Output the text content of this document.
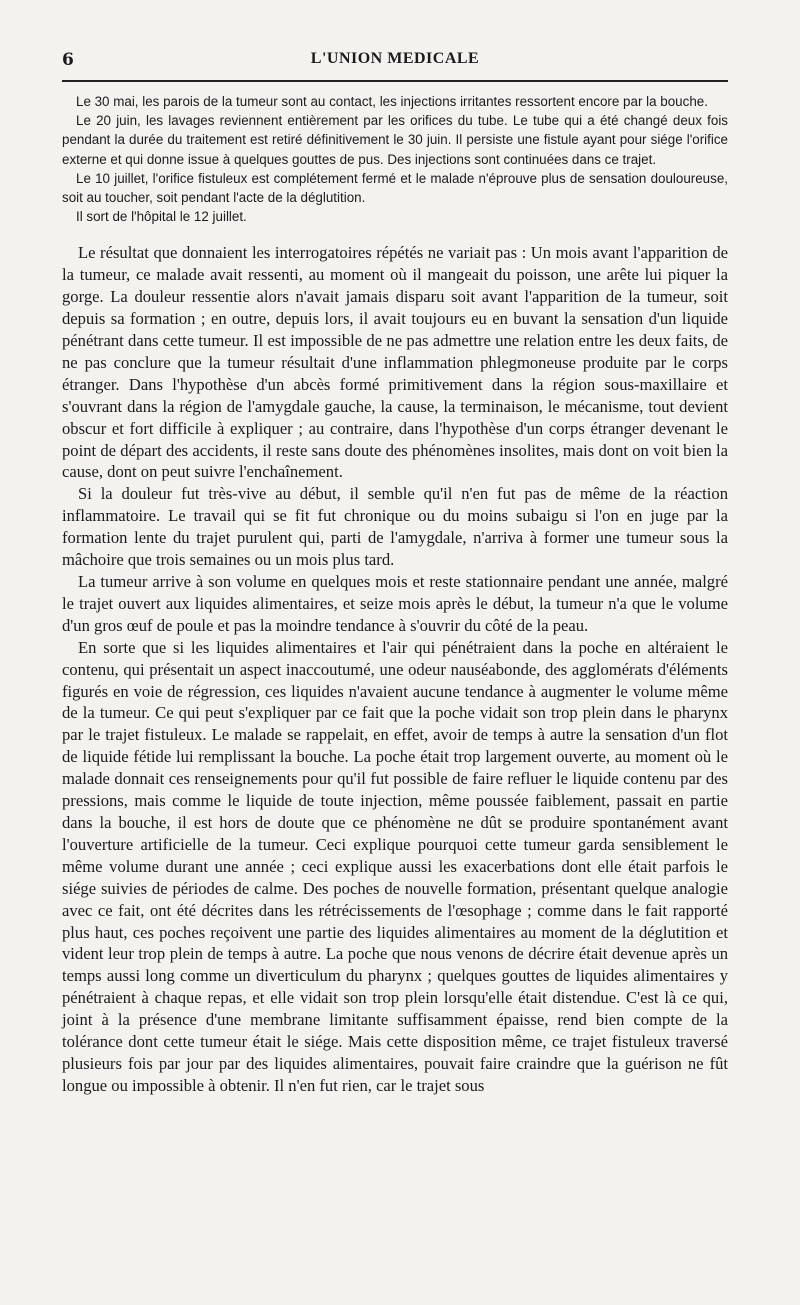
6	L'UNION MEDICALE

Le 30 mai, les parois de la tumeur sont au contact, les injections irritantes ressortent encore par la bouche.

Le 20 juin, les lavages reviennent entièrement par les orifices du tube. Le tube qui a été changé deux fois pendant la durée du traitement est retiré définitivement le 30 juin. Il persiste une fistule ayant pour siége l'orifice externe et qui donne issue à quelques gouttes de pus. Des injections sont continuées dans ce trajet.

Le 10 juillet, l'orifice fistuleux est complétement fermé et le malade n'éprouve plus de sensation douloureuse, soit au toucher, soit pendant l'acte de la déglutition.

Il sort de l'hôpital le 12 juillet.

Le résultat que donnaient les interrogatoires répétés ne variait pas : Un mois avant l'apparition de la tumeur, ce malade avait ressenti, au moment où il mangeait du poisson, une arête lui piquer la gorge. La douleur ressentie alors n'avait jamais disparu soit avant l'apparition de la tumeur, soit depuis sa formation ; en outre, depuis lors, il avait toujours eu en buvant la sensation d'un liquide pénétrant dans cette tumeur. Il est impossible de ne pas admettre une relation entre les deux faits, de ne pas conclure que la tumeur résultait d'une inflammation phlegmoneuse produite par le corps étranger. Dans l'hypothèse d'un abcès formé primitivement dans la région sous-maxillaire et s'ouvrant dans la région de l'amygdale gauche, la cause, la terminaison, le mécanisme, tout devient obscur et fort difficile à expliquer ; au contraire, dans l'hypothèse d'un corps étranger devenant le point de départ des accidents, il reste sans doute des phénomènes insolites, mais dont on voit bien la cause, dont on peut suivre l'enchaînement.

Si la douleur fut très-vive au début, il semble qu'il n'en fut pas de même de la réaction inflammatoire. Le travail qui se fit fut chronique ou du moins subaigu si l'on en juge par la formation lente du trajet purulent qui, parti de l'amygdale, n'arriva à former une tumeur sous la mâchoire que trois semaines ou un mois plus tard.

La tumeur arrive à son volume en quelques mois et reste stationnaire pendant une année, malgré le trajet ouvert aux liquides alimentaires, et seize mois après le début, la tumeur n'a que le volume d'un gros œuf de poule et pas la moindre tendance à s'ouvrir du côté de la peau.

En sorte que si les liquides alimentaires et l'air qui pénétraient dans la poche en altéraient le contenu, qui présentait un aspect inaccoutumé, une odeur nauséabonde, des agglomérats d'éléments figurés en voie de régression, ces liquides n'avaient aucune tendance à augmenter le volume même de la tumeur. Ce qui peut s'expliquer par ce fait que la poche vidait son trop plein dans le pharynx par le trajet fistuleux. Le malade se rappelait, en effet, avoir de temps à autre la sensation d'un flot de liquide fétide lui remplissant la bouche. La poche était trop largement ouverte, au moment où le malade donnait ces renseignements pour qu'il fut possible de faire refluer le liquide contenu par des pressions, mais comme le liquide de toute injection, même poussée faiblement, passait en partie dans la bouche, il est hors de doute que ce phénomène ne dût se produire spontanément avant l'ouverture artificielle de la tumeur. Ceci explique pourquoi cette tumeur garda sensiblement le même volume durant une année ; ceci explique aussi les exacerbations dont elle était parfois le siége suivies de périodes de calme. Des poches de nouvelle formation, présentant quelque analogie avec ce fait, ont été décrites dans les rétrécissements de l'œsophage ; comme dans le fait rapporté plus haut, ces poches reçoivent une partie des liquides alimentaires au moment de la déglutition et vident leur trop plein de temps à autre. La poche que nous venons de décrire était devenue après un temps aussi long comme un diverticulum du pharynx ; quelques gouttes de liquides alimentaires y pénétraient à chaque repas, et elle vidait son trop plein lorsqu'elle était distendue. C'est là ce qui, joint à la présence d'une membrane limitante suffisamment épaisse, rend bien compte de la tolérance dont cette tumeur était le siége. Mais cette disposition même, ce trajet fistuleux traversé plusieurs fois par jour par des liquides alimentaires, pouvait faire craindre que la guérison ne fût longue ou impossible à obtenir. Il n'en fut rien, car le trajet sous
